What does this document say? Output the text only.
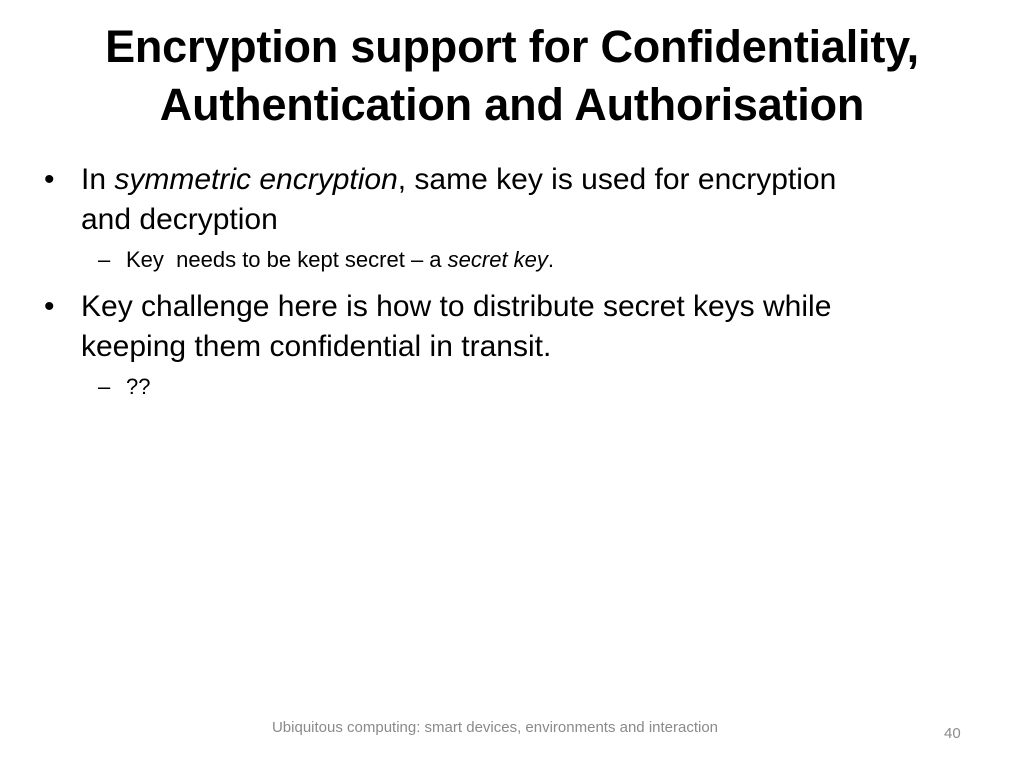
Encryption support for Confidentiality,
Authentication and Authorisation
• In symmetric encryption, same key is used for encryption
and decryption
– Key  needs to be kept secret – a secret key.
• Key challenge here is how to distribute secret keys while
keeping them confidential in transit.
– ??
Ubiquitous computing: smart devices, environments and interaction	40
